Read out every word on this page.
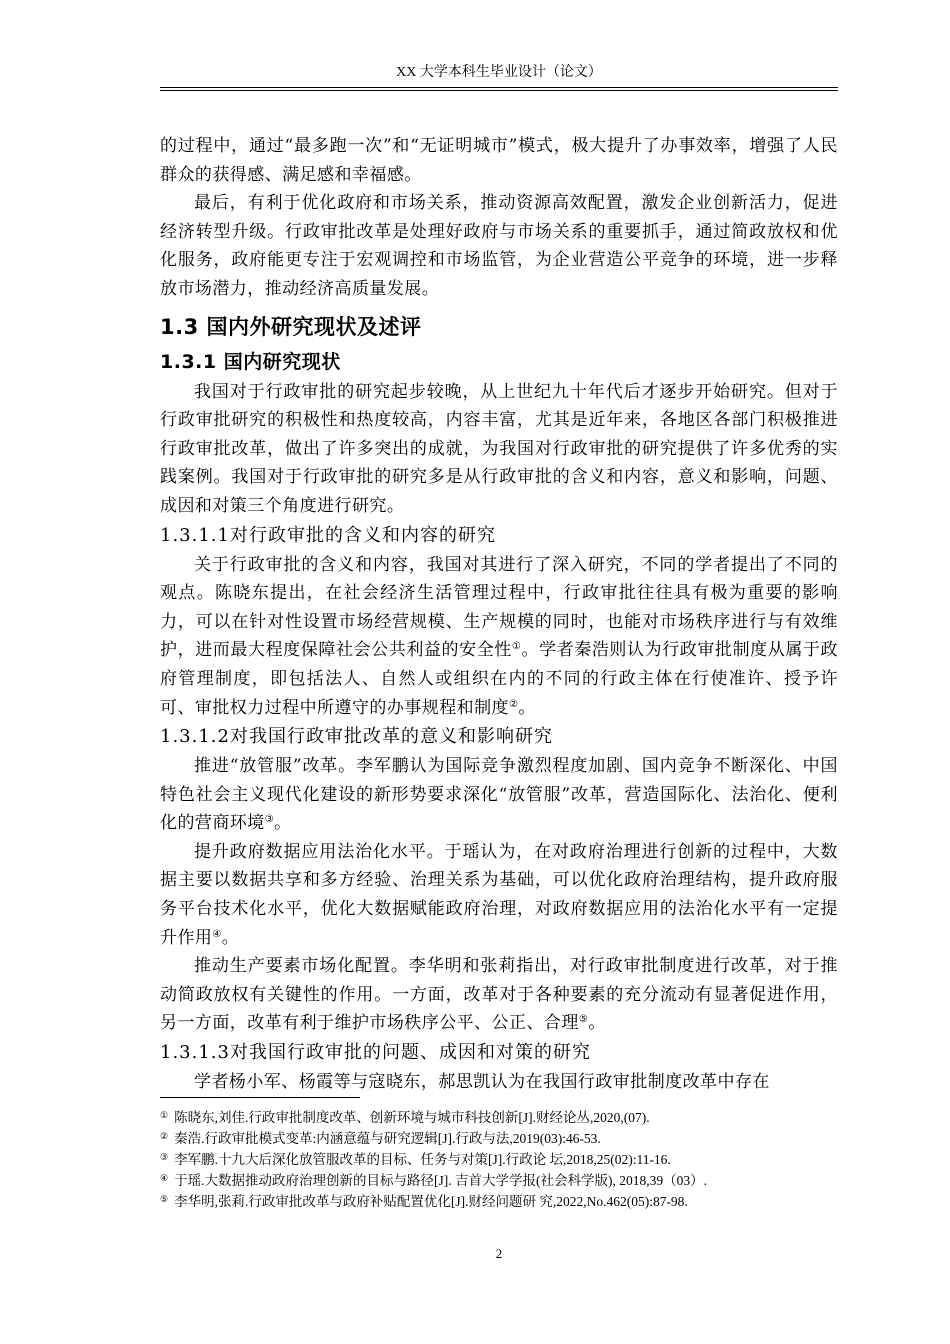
XX 大学本科生毕业设计（论文）

的过程中，通过“最多跑一次”和“无证明城市”模式，极大提升了办事效率，增强了人民群众的获得感、满足感和幸福感。

最后，有利于优化政府和市场关系，推动资源高效配置，激发企业创新活力，促进经济转型升级。行政审批改革是处理好政府与市场关系的重要抓手，通过简政放权和优化服务，政府能更专注于宏观调控和市场监管，为企业营造公平竞争的环境，进一步释放市场潜力，推动经济高质量发展。

1.3 国内外研究现状及述评
1.3.1 国内研究现状

我国对于行政审批的研究起步较晚，从上世纪九十年代后才逐步开始研究。但对于行政审批研究的积极性和热度较高，内容丰富，尤其是近年来，各地区各部门积极推进行政审批改革，做出了许多突出的成就，为我国对行政审批的研究提供了许多优秀的实践案例。我国对于行政审批的研究多是从行政审批的含义和内容，意义和影响，问题、成因和对策三个角度进行研究。

1.3.1.1对行政审批的含义和内容的研究

关于行政审批的含义和内容，我国对其进行了深入研究，不同的学者提出了不同的观点。陈晓东提出，在社会经济生活管理过程中，行政审批往往具有极为重要的影响力，可以在针对性设置市场经营规模、生产规模的同时，也能对市场秩序进行与有效维护，进而最大程度保障社会公共利益的安全性①。学者秦浩则认为行政审批制度从属于政府管理制度，即包括法人、自然人或组织在内的不同的行政主体在行使准许、授予许可、审批权力过程中所遵守的办事规程和制度②。

1.3.1.2对我国行政审批改革的意义和影响研究

推进“放管服”改革。李军鹏认为国际竞争激烈程度加剧、国内竞争不断深化、中国特色社会主义现代化建设的新形势要求深化“放管服”改革，营造国际化、法治化、便利化的营商环境③。

提升政府数据应用法治化水平。于瑶认为，在对政府治理进行创新的过程中，大数据主要以数据共享和多方经验、治理关系为基础，可以优化政府治理结构，提升政府服务平台技术化水平，优化大数据赋能政府治理，对政府数据应用的法治化水平有一定提升作用④。

推动生产要素市场化配置。李华明和张莉指出，对行政审批制度进行改革，对于推动简政放权有关键性的作用。一方面，改革对于各种要素的充分流动有显著促进作用，另一方面，改革有利于维护市场秩序公平、公正、合理⑤。

1.3.1.3对我国行政审批的问题、成因和对策的研究

学者杨小军、杨霞等与寇晓东，郝思凯认为在我国行政审批制度改革中存在

① 陈晓东,刘佳.行政审批制度改革、创新环境与城市科技创新[J].财经论丛,2020,(07).

② 秦浩.行政审批模式变革:内涵意蕴与研究逻辑[J].行政与法,2019(03):46-53.

③ 李军鹏.十九大后深化放管服改革的目标、任务与对策[J].行政论 坛,2018,25(02):11-16.

④ 于瑶.大数据推动政府治理创新的目标与路径[J]. 吉首大学学报(社会科学版), 2018,39（03）.

⑤ 李华明,张莉.行政审批改革与政府补贴配置优化[J].财经问题研 究,2022,No.462(05):87-98.

2
